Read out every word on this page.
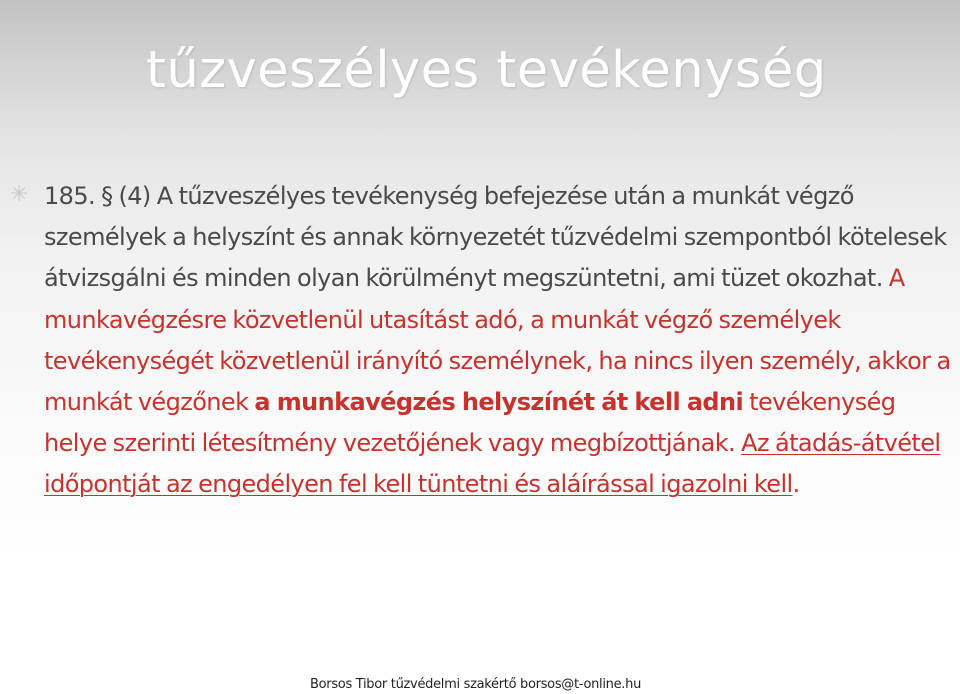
tűzveszélyes tevékenység
✳ 185. § (4) A tűzveszélyes tevékenység befejezése után a munkát végző személyek a helyszínt és annak környezetét tűzvédelmi szempontból kötelesek átvizsgálni és minden olyan körülményt megszüntetni, ami tüzet okozhat. A munkavégzésre közvetlenül utasítást adó, a munkát végző személyek tevékenységét közvetlenül irányító személynek, ha nincs ilyen személy, akkor a munkát végzőnek a munkavégzés helyszínét át kell adni tevékenység helye szerinti létesítmény vezetőjének vagy megbízottjának. Az átadás-átvétel időpontját az engedélyen fel kell tüntetni és aláírással igazolni kell.

Borsos Tibor tűzvédelmi szakértő borsos@t-online.hu
